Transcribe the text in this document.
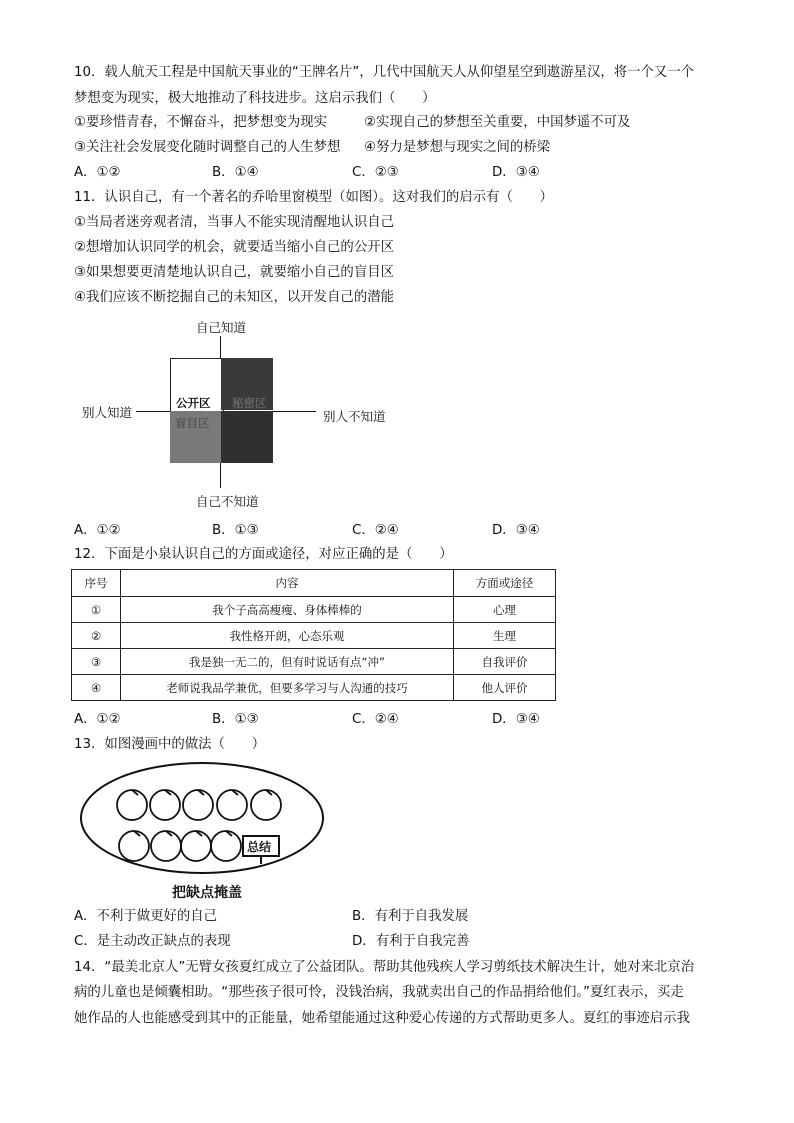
10．载人航天工程是中国航天事业的“王牌名片”，几代中国航天人从仰望星空到遨游星汉，将一个又一个
梦想变为现实，极大地推动了科技进步。这启示我们（　　）
①要珍惜青春，不懈奋斗，把梦想变为现实	②实现自己的梦想至关重要，中国梦遥不可及
③关注社会发展变化随时调整自己的人生梦想 ④努力是梦想与现实之间的桥梁
A．①②	B．①④	C．②③	D．③④
11．认识自己，有一个著名的乔哈里窗模型（如图）。这对我们的启示有（　　）
①当局者迷旁观者清，当事人不能实现清醒地认识自己
②想增加认识同学的机会，就要适当缩小自己的公开区
③如果想要更清楚地认识自己，就要缩小自己的盲目区
④我们应该不断挖掘自己的未知区，以开发自己的潜能
自己知道
别人知道	别人不知道
公开区 秘密区
盲目区
自己不知道
A．①②	B．①③	C．②④	D．③④
12．下面是小泉认识自己的方面或途径，对应正确的是（　　）
序号	内容	方面或途径
①	我个子高高瘦瘦、身体棒棒的	心理
②	我性格开朗，心态乐观	生理
③	我是独一无二的，但有时说话有点“冲”	自我评价
④	老师说我品学兼优，但要多学习与人沟通的技巧	他人评价
A．①②	B．①③	C．②④	D．③④
13．如图漫画中的做法（　　）
总结
把缺点掩盖
A．不利于做更好的自己	B．有利于自我发展
C．是主动改正缺点的表现	D．有利于自我完善
14．“最美北京人”无臂女孩夏红成立了公益团队。帮助其他残疾人学习剪纸技术解决生计，她对来北京治
病的儿童也是倾囊相助。“那些孩子很可怜，没钱治病，我就卖出自己的作品捐给他们。”夏红表示，买走
她作品的人也能感受到其中的正能量，她希望能通过这种爱心传递的方式帮助更多人。夏红的事迹启示我
